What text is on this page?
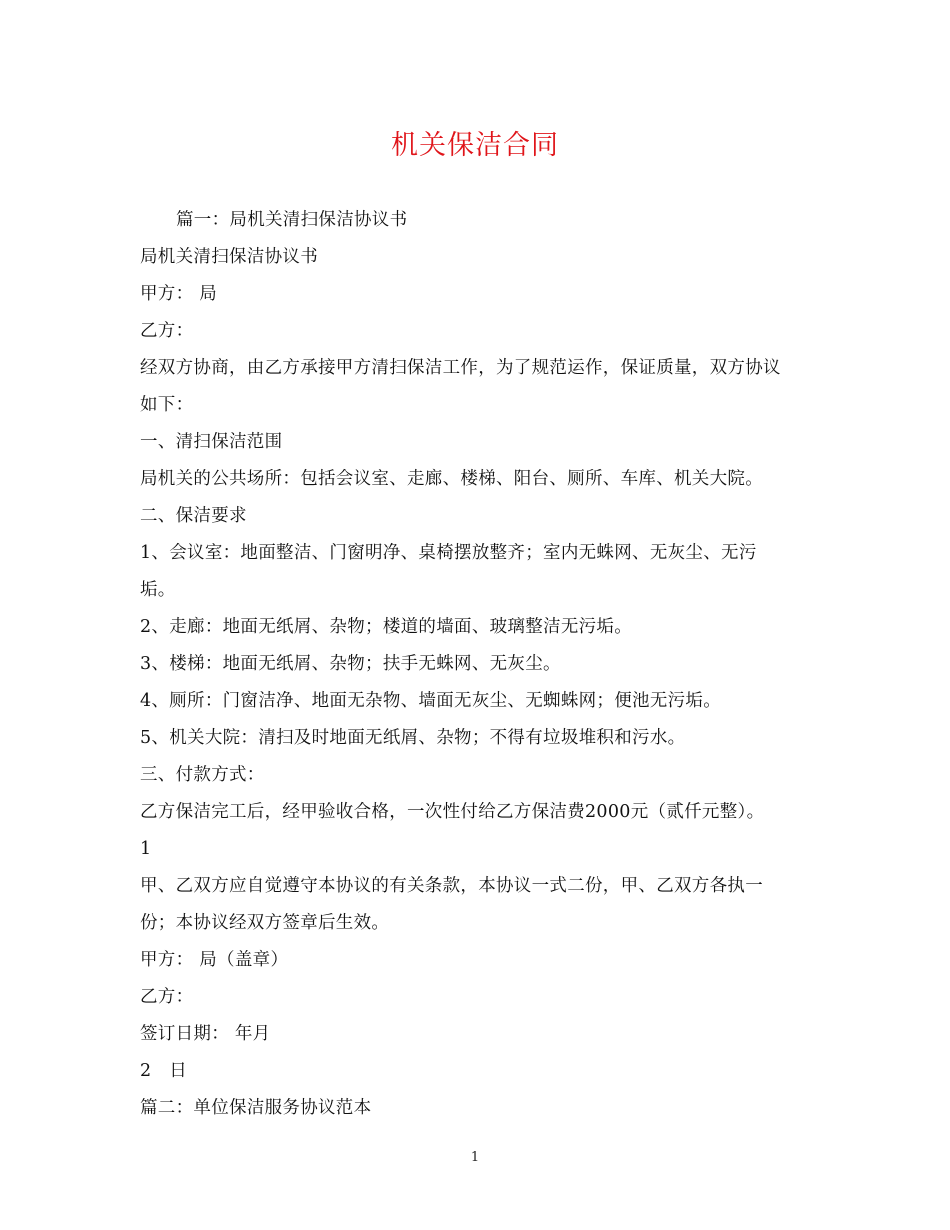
机关保洁合同
篇一：局机关清扫保洁协议书
局机关清扫保洁协议书
甲方： 局
乙方：
经双方协商，由乙方承接甲方清扫保洁工作，为了规范运作，保证质量，双方协议
如下：
一、清扫保洁范围
局机关的公共场所：包括会议室、走廊、楼梯、阳台、厕所、车库、机关大院。
二、保洁要求
1、会议室：地面整洁、门窗明净、桌椅摆放整齐；室内无蛛网、无灰尘、无污
垢。
2、走廊：地面无纸屑、杂物；楼道的墙面、玻璃整洁无污垢。
3、楼梯：地面无纸屑、杂物；扶手无蛛网、无灰尘。
4、厕所：门窗洁净、地面无杂物、墙面无灰尘、无蜘蛛网；便池无污垢。
5、机关大院：清扫及时地面无纸屑、杂物；不得有垃圾堆积和污水。
三、付款方式：
乙方保洁完工后，经甲验收合格，一次性付给乙方保洁费2000元（贰仟元整）。
1
甲、乙双方应自觉遵守本协议的有关条款，本协议一式二份，甲、乙双方各执一
份；本协议经双方签章后生效。
甲方： 局（盖章）
乙方：
签订日期： 年月
2　日
篇二：单位保洁服务协议范本
1
